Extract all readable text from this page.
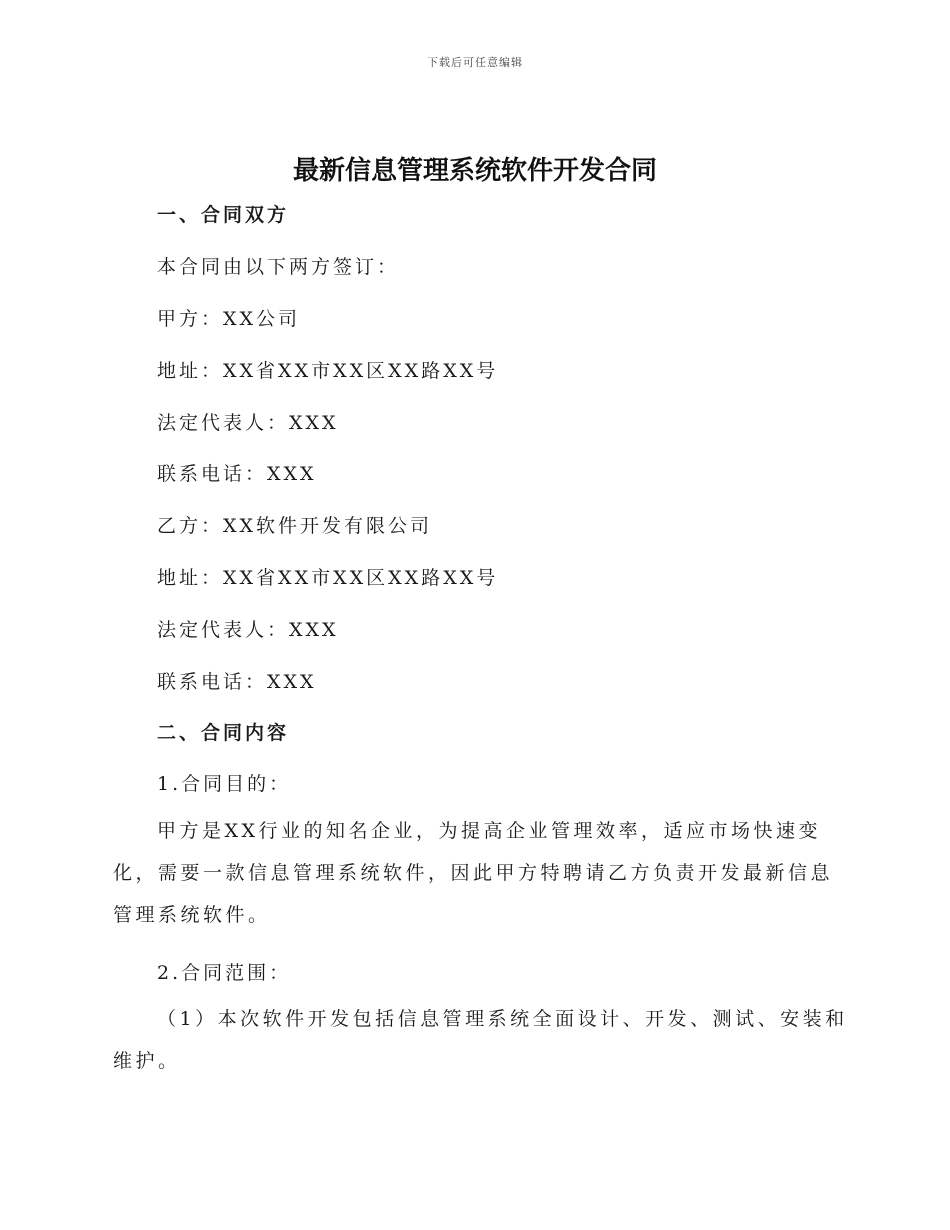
下载后可任意编辑
最新信息管理系统软件开发合同
一、合同双方
本合同由以下两方签订：
甲方：XX公司
地址：XX省XX市XX区XX路XX号
法定代表人：XXX
联系电话：XXX
乙方：XX软件开发有限公司
地址：XX省XX市XX区XX路XX号
法定代表人：XXX
联系电话：XXX
二、合同内容
1.合同目的：

甲方是XX行业的知名企业，为提高企业管理效率，适应市场快速变化，需要一款信息管理系统软件，因此甲方特聘请乙方负责开发最新信息管理系统软件。

2.合同范围：

（1）本次软件开发包括信息管理系统全面设计、开发、测试、安装和维护。
